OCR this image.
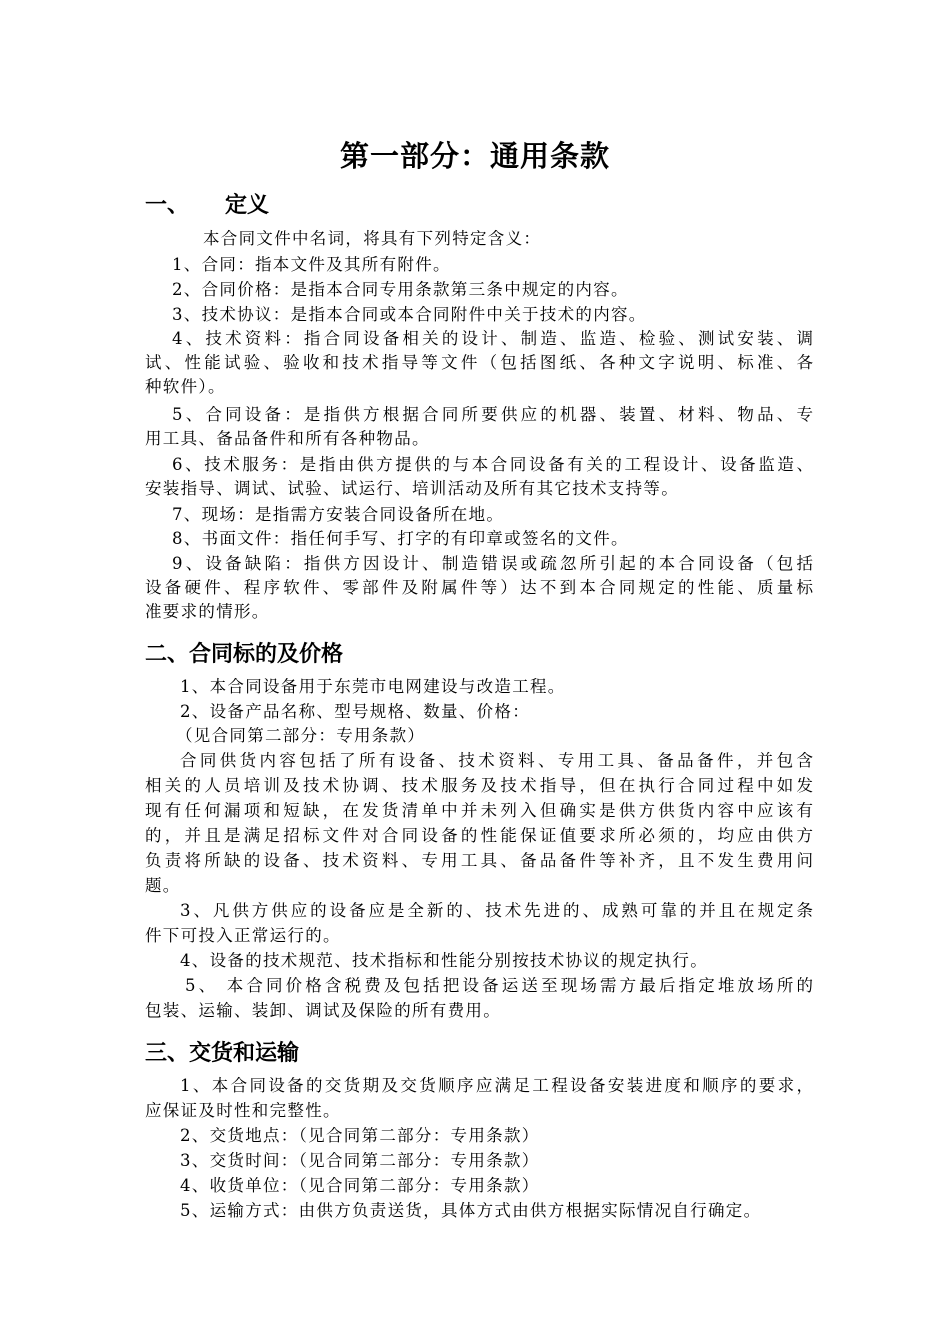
第一部分：通用条款
一、 定义
本合同文件中名词，将具有下列特定含义：
1、合同：指本文件及其所有附件。
2、合同价格：是指本合同专用条款第三条中规定的内容。
3、技术协议：是指本合同或本合同附件中关于技术的内容。
4、技术资料：指合同设备相关的设计、制造、监造、检验、测试安装、调
试、性能试验、验收和技术指导等文件（包括图纸、各种文字说明、标准、各
种软件）。
5、合同设备：是指供方根据合同所要供应的机器、装置、材料、物品、专
用工具、备品备件和所有各种物品。
6、技术服务：是指由供方提供的与本合同设备有关的工程设计、设备监造、
安装指导、调试、试验、试运行、培训活动及所有其它技术支持等。
7、现场：是指需方安装合同设备所在地。
8、书面文件：指任何手写、打字的有印章或签名的文件。
9、设备缺陷：指供方因设计、制造错误或疏忽所引起的本合同设备（包括
设备硬件、程序软件、零部件及附属件等）达不到本合同规定的性能、质量标
准要求的情形。
二、合同标的及价格
1、本合同设备用于东莞市电网建设与改造工程。
2、设备产品名称、型号规格、数量、价格：
（见合同第二部分：专用条款）
合同供货内容包括了所有设备、技术资料、专用工具、备品备件，并包含
相关的人员培训及技术协调、技术服务及技术指导，但在执行合同过程中如发
现有任何漏项和短缺，在发货清单中并未列入但确实是供方供货内容中应该有
的，并且是满足招标文件对合同设备的性能保证值要求所必须的，均应由供方
负责将所缺的设备、技术资料、专用工具、备品备件等补齐，且不发生费用问
题。
3、凡供方供应的设备应是全新的、技术先进的、成熟可靠的并且在规定条
件下可投入正常运行的。
4、设备的技术规范、技术指标和性能分别按技术协议的规定执行。
5、 本合同价格含税费及包括把设备运送至现场需方最后指定堆放场所的
包装、运输、装卸、调试及保险的所有费用。
三、交货和运输
1、本合同设备的交货期及交货顺序应满足工程设备安装进度和顺序的要求，
应保证及时性和完整性。
2、交货地点：（见合同第二部分：专用条款）
3、交货时间：（见合同第二部分：专用条款）
4、收货单位：（见合同第二部分：专用条款）
5、运输方式：由供方负责送货，具体方式由供方根据实际情况自行确定。
